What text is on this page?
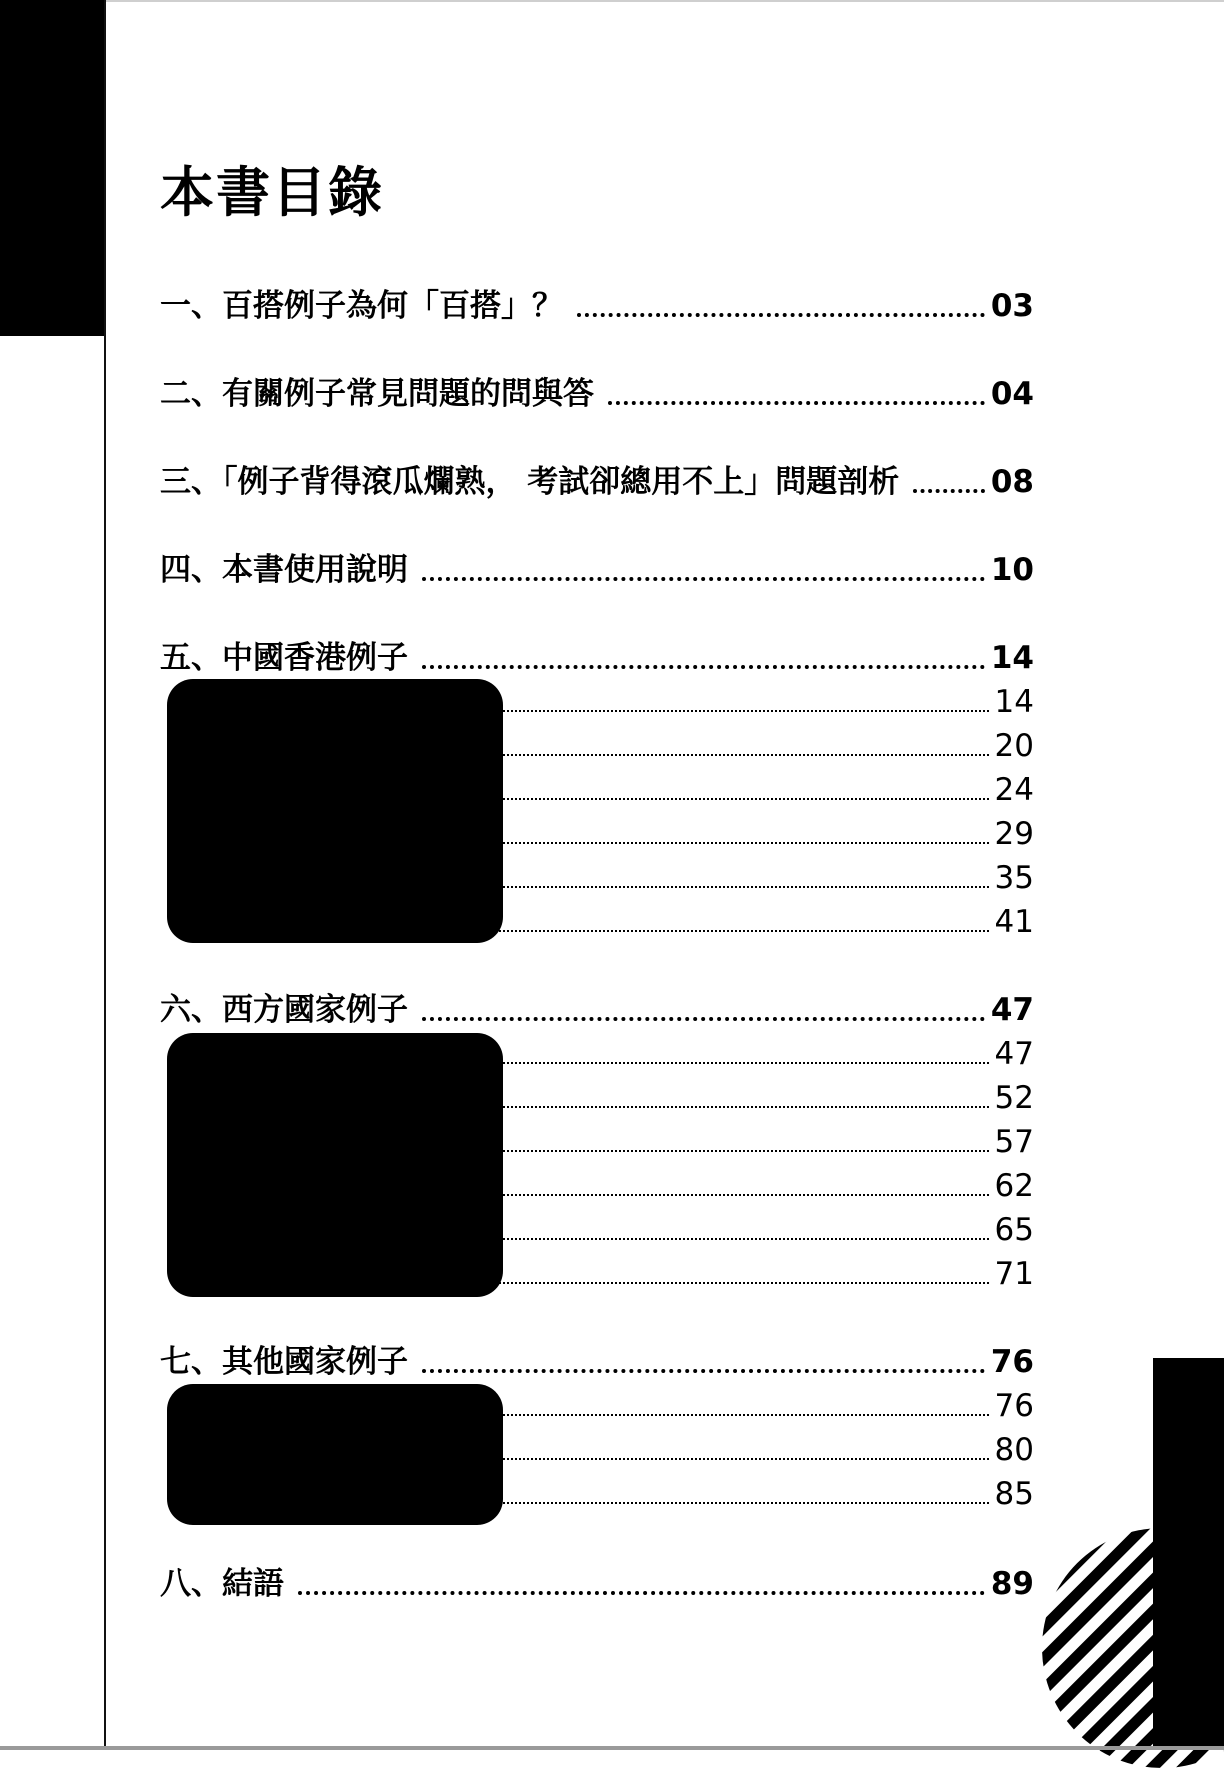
本書目錄
一、百搭例子為何「百搭」？	03
二、有關例子常見問題的問與答	04
三、「例子背得滾瓜爛熟， 考試卻總用不上」問題剖析	08
四、本書使用說明	10
五、中國香港例子	14
14
20
24
29
35
41
六、西方國家例子	47
47
52
57
62
65
71
七、其他國家例子	76
76
80
85
八、結語	89
